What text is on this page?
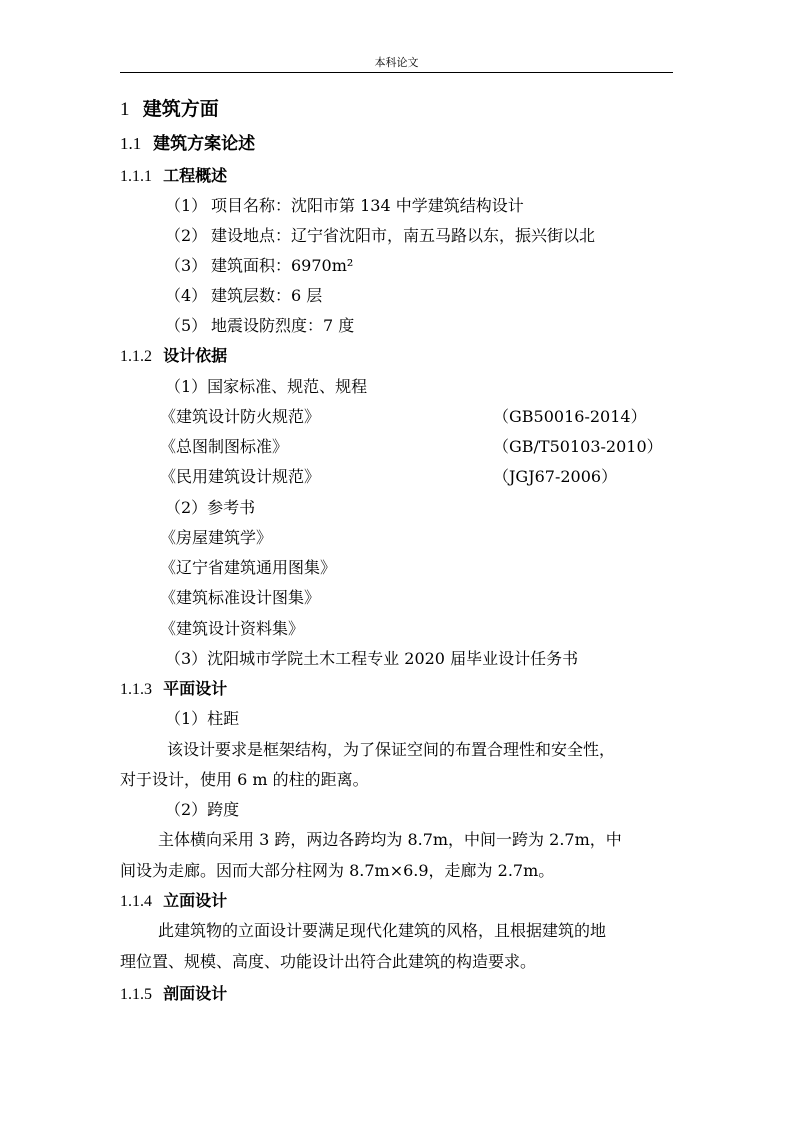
本科论文
1 建筑方面
1.1 建筑方案论述
1.1.1 工程概述
（1） 项目名称：沈阳市第 134 中学建筑结构设计
（2） 建设地点：辽宁省沈阳市，南五马路以东，振兴街以北
（3） 建筑面积：6970m²
（4） 建筑层数：6 层
（5） 地震设防烈度：7 度
1.1.2 设计依据
（1）国家标准、规范、规程
《建筑设计防火规范》	（GB50016-2014）
《总图制图标准》	（GB/T50103-2010）
《民用建筑设计规范》	（JGJ67-2006）
（2）参考书
《房屋建筑学》
《辽宁省建筑通用图集》
《建筑标准设计图集》
《建筑设计资料集》
（3）沈阳城市学院土木工程专业 2020 届毕业设计任务书
1.1.3 平面设计
（1）柱距
该设计要求是框架结构，为了保证空间的布置合理性和安全性，
对于设计，使用 6 m 的柱的距离。
（2）跨度
主体横向采用 3 跨，两边各跨均为 8.7m，中间一跨为 2.7m，中
间设为走廊。因而大部分柱网为 8.7m×6.9，走廊为 2.7m。
1.1.4 立面设计
此建筑物的立面设计要满足现代化建筑的风格，且根据建筑的地
理位置、规模、高度、功能设计出符合此建筑的构造要求。
1.1.5 剖面设计
